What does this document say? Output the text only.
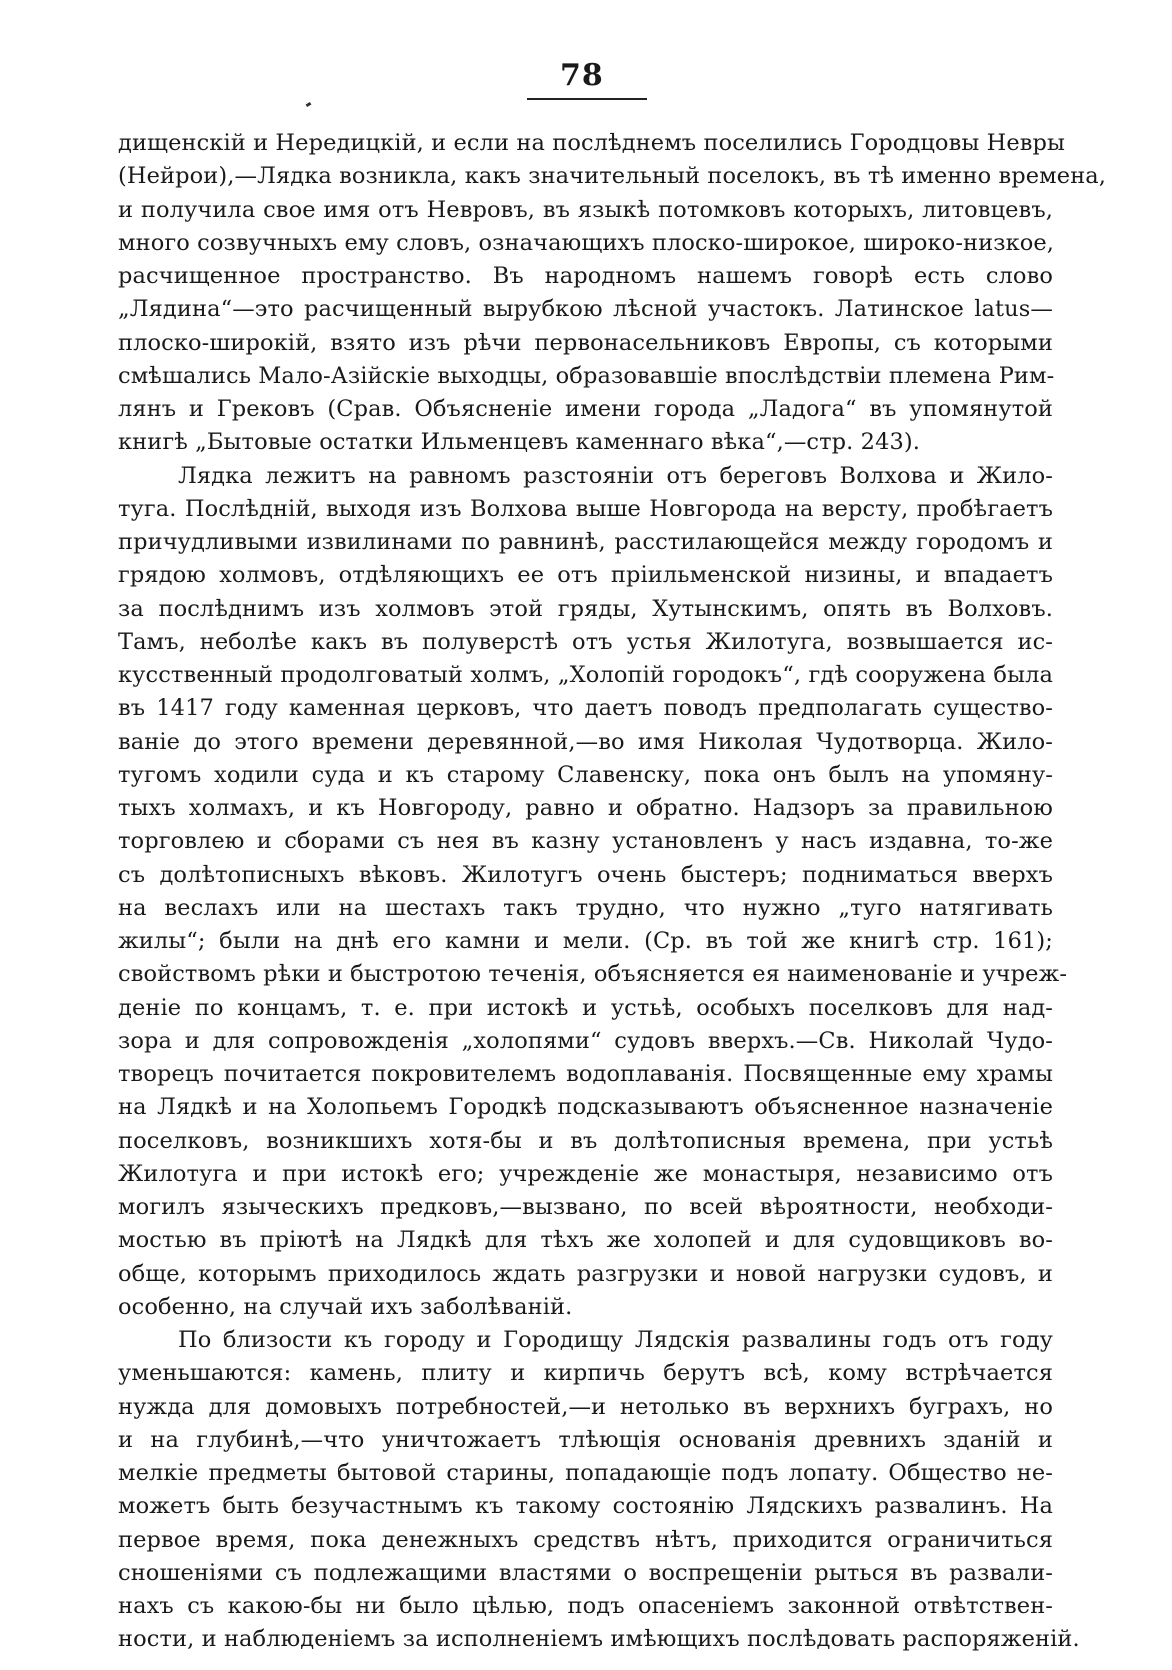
78
дищенскій и Нередицкій, и если на послѣднемъ поселились Городцовы Невры
(Нейрои),—Лядка возникла, какъ значительный поселокъ, въ тѣ именно времена,
и получила свое имя отъ Невровъ, въ языкѣ потомковъ которыхъ, литовцевъ,
много созвучныхъ ему словъ, означающихъ плоско-широкое, широко-низкое,
расчищенное пространство. Въ народномъ нашемъ говорѣ есть слово
„Лядина“—это расчищенный вырубкою лѣсной участокъ. Латинское latus—
плоско-широкій, взято изъ рѣчи первонасельниковъ Европы, съ которыми
смѣшались Мало-Азійскіе выходцы, образовавшіе впослѣдствіи племена Рим-
лянъ и Грековъ (Срав. Объясненіе имени города „Ладога“ въ упомянутой
книгѣ „Бытовые остатки Ильменцевъ каменнаго вѣка“,—стр. 243).
Лядка лежитъ на равномъ разстояніи отъ береговъ Волхова и Жило-
туга. Послѣдній, выходя изъ Волхова выше Новгорода на версту, пробѣгаетъ
причудливыми извилинами по равнинѣ, расстилающейся между городомъ и
грядою холмовъ, отдѣляющихъ ее отъ пріильменской низины, и впадаетъ
за послѣднимъ изъ холмовъ этой гряды, Хутынскимъ, опять въ Волховъ.
Тамъ, неболѣе какъ въ полуверстѣ отъ устья Жилотуга, возвышается ис-
кусственный продолговатый холмъ, „Холопій городокъ“, гдѣ сооружена была
въ 1417 году каменная церковъ, что даетъ поводъ предполагать существо-
ваніе до этого времени деревянной,—во имя Николая Чудотворца. Жило-
тугомъ ходили суда и къ старому Славенску, пока онъ былъ на упомяну-
тыхъ холмахъ, и къ Новгороду, равно и обратно. Надзоръ за правильною
торговлею и сборами съ нея въ казну установленъ у насъ издавна, то-же
съ долѣтописныхъ вѣковъ. Жилотугъ очень быстеръ; подниматься вверхъ
на веслахъ или на шестахъ такъ трудно, что нужно „туго натягивать
жилы“; были на днѣ его камни и мели. (Ср. въ той же книгѣ стр. 161);
свойствомъ рѣки и быстротою теченія, объясняется ея наименованіе и учреж-
деніе по концамъ, т. е. при истокѣ и устьѣ, особыхъ поселковъ для над-
зора и для сопровожденія „холопями“ судовъ вверхъ.—Св. Николай Чудо-
творецъ почитается покровителемъ водоплаванія. Посвященные ему храмы
на Лядкѣ и на Холопьемъ Городкѣ подсказываютъ объясненное назначеніе
поселковъ, возникшихъ хотя-бы и въ долѣтописныя времена, при устьѣ
Жилотуга и при истокѣ его; учрежденіе же монастыря, независимо отъ
могилъ языческихъ предковъ,—вызвано, по всей вѣроятности, необходи-
мостью въ пріютѣ на Лядкѣ для тѣхъ же холопей и для судовщиковъ во-
обще, которымъ приходилось ждать разгрузки и новой нагрузки судовъ, и
особенно, на случай ихъ заболѣваній.
По близости къ городу и Городищу Лядскія развалины годъ отъ году
уменьшаются: камень, плиту и кирпичь берутъ всѣ, кому встрѣчается
нужда для домовыхъ потребностей,—и нетолько въ верхнихъ буграхъ, но
и на глубинѣ,—что уничтожаетъ тлѣющія основанія древнихъ зданій и
мелкіе предметы бытовой старины, попадающіе подъ лопату. Общество не-
можетъ быть безучастнымъ къ такому состоянію Лядскихъ развалинъ. На
первое время, пока денежныхъ средствъ нѣтъ, приходится ограничиться
сношеніями съ подлежащими властями о воспрещеніи рыться въ развали-
нахъ съ какою-бы ни было цѣлью, подъ опасеніемъ законной отвѣтствен-
ности, и наблюденіемъ за исполненіемъ имѣющихъ послѣдовать распоряженій.
